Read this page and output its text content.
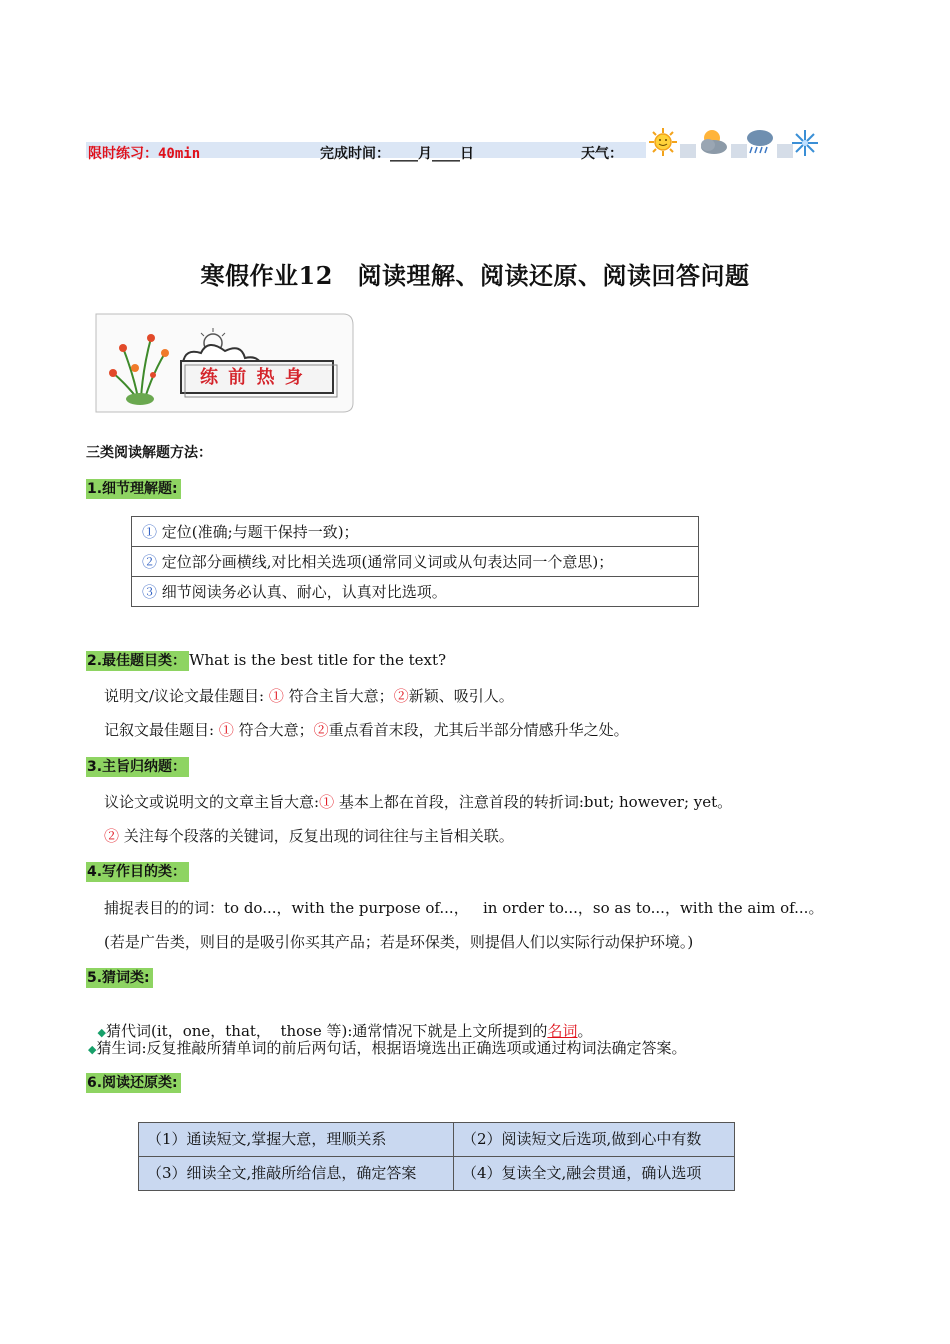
限时练习：40min	完成时间：____月____日	天气：
寒假作业12　阅读理解、阅读还原、阅读回答问题
练 前 热 身
三类阅读解题方法：
1.细节理解题:
① 定位(准确;与题干保持一致)；
② 定位部分画横线,对比相关选项(通常同义词或从句表达同一个意思)；
③ 细节阅读务必认真、耐心，认真对比选项。
2.最佳题目类： What is the best title for the text?
说明文/议论文最佳题目: ① 符合主旨大意；②新颖、吸引人。
记叙文最佳题目: ① 符合大意；②重点看首末段，尤其后半部分情感升华之处。
3.主旨归纳题：
议论文或说明文的文章主旨大意:① 基本上都在首段，注意首段的转折词:but; however; yet。
② 关注每个段落的关键词，反复出现的词往往与主旨相关联。
4.写作目的类：
捕捉表目的的词：to do...，with the purpose of...，   in order to...，so as to...，with the aim of...。
(若是广告类，则目的是吸引你买其产品；若是环保类，则提倡人们以实际行动保护环境。)
5.猜词类:

◆猜代词(it，one，that，  those 等):通常情况下就是上文所提到的名词。

◆猜生词:反复推敲所猜单词的前后两句话，根据语境选出正确选项或通过构词法确定答案。
6.阅读还原类:
（1）通读短文,掌握大意，理顺关系	（2）阅读短文后选项,做到心中有数
（3）细读全文,推敲所给信息，确定答案	（4）复读全文,融会贯通，确认选项
